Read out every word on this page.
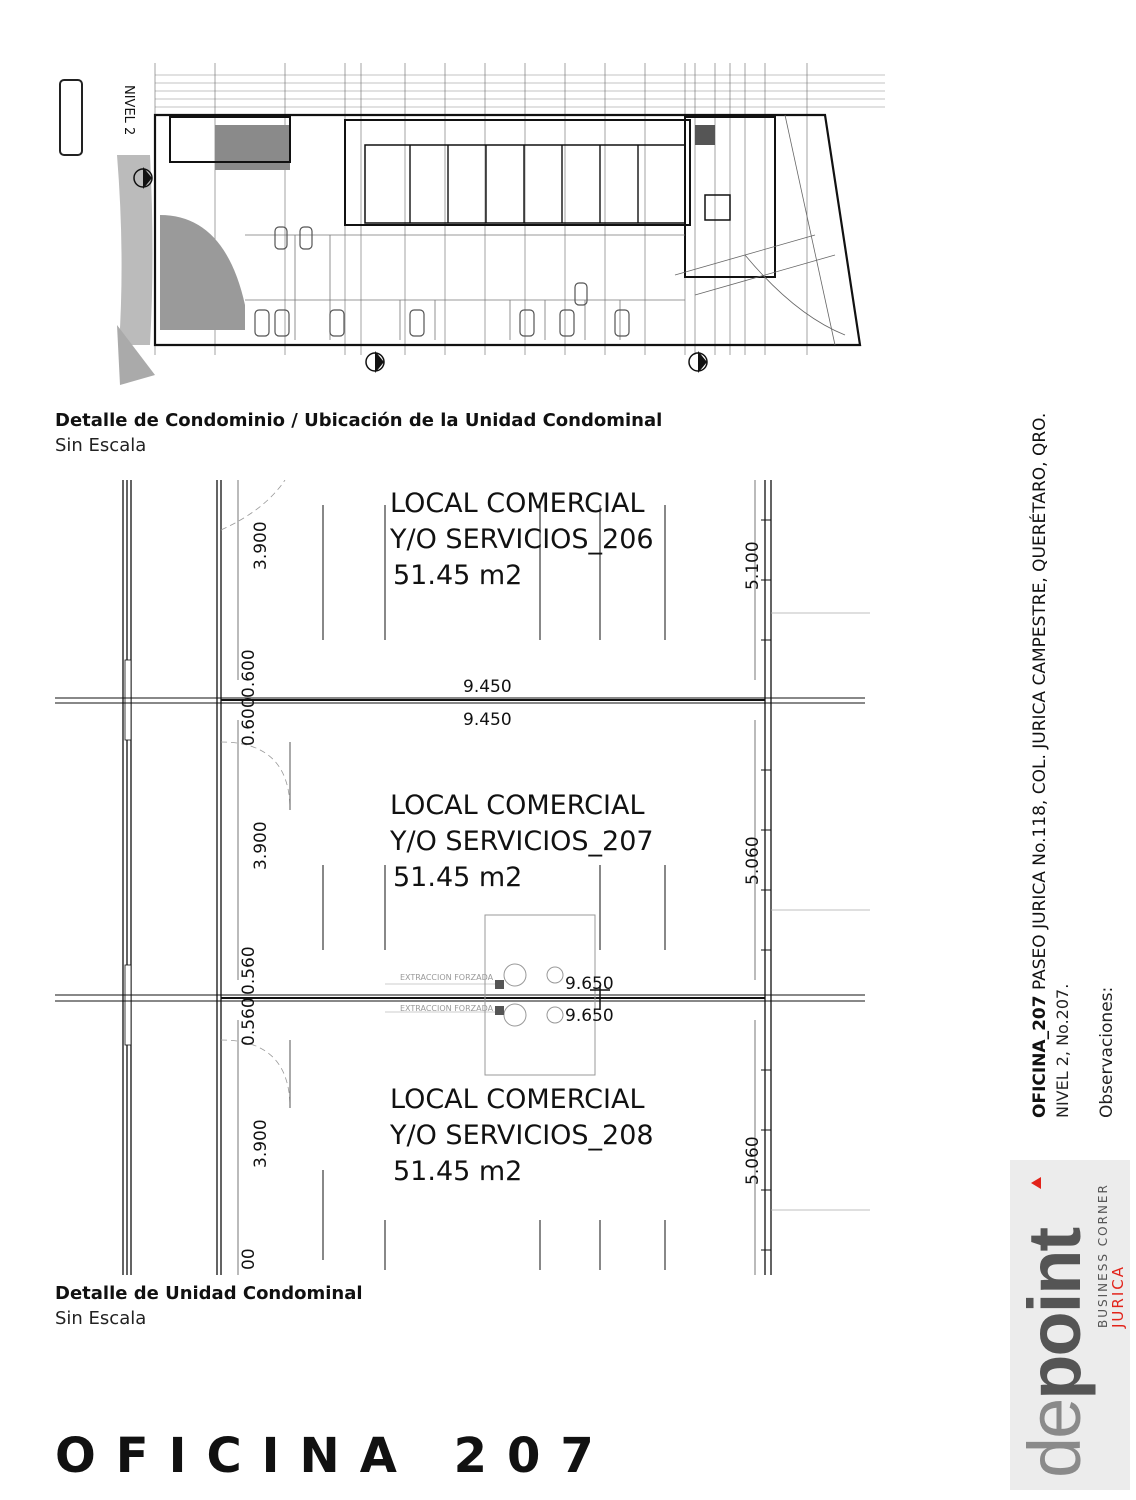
NIVEL 2
Detalle de Condominio / Ubicación de la Unidad Condominal
Sin Escala
EXTRACCION FORZADA
EXTRACCION FORZADA
LOCAL COMERCIAL
Y/O SERVICIOS_206
51.45 m2
LOCAL COMERCIAL
Y/O SERVICIOS_207
51.45 m2
LOCAL COMERCIAL
Y/O SERVICIOS_208
51.45 m2
3.900
3.900
3.900
5.100
5.060
5.060
0.600
0.600
0.560
0.560
00
9.450
9.450
9.650
9.650
Detalle de Unidad Condominal
Sin Escala
OFICINA 207
OFICINA_207 PASEO JURICA No.118, COL. JURICA CAMPESTRE, QUERÉTARO, QRO.
NIVEL 2, No.207. Observaciones:
depoint BUSINESS CORNER JURICA
